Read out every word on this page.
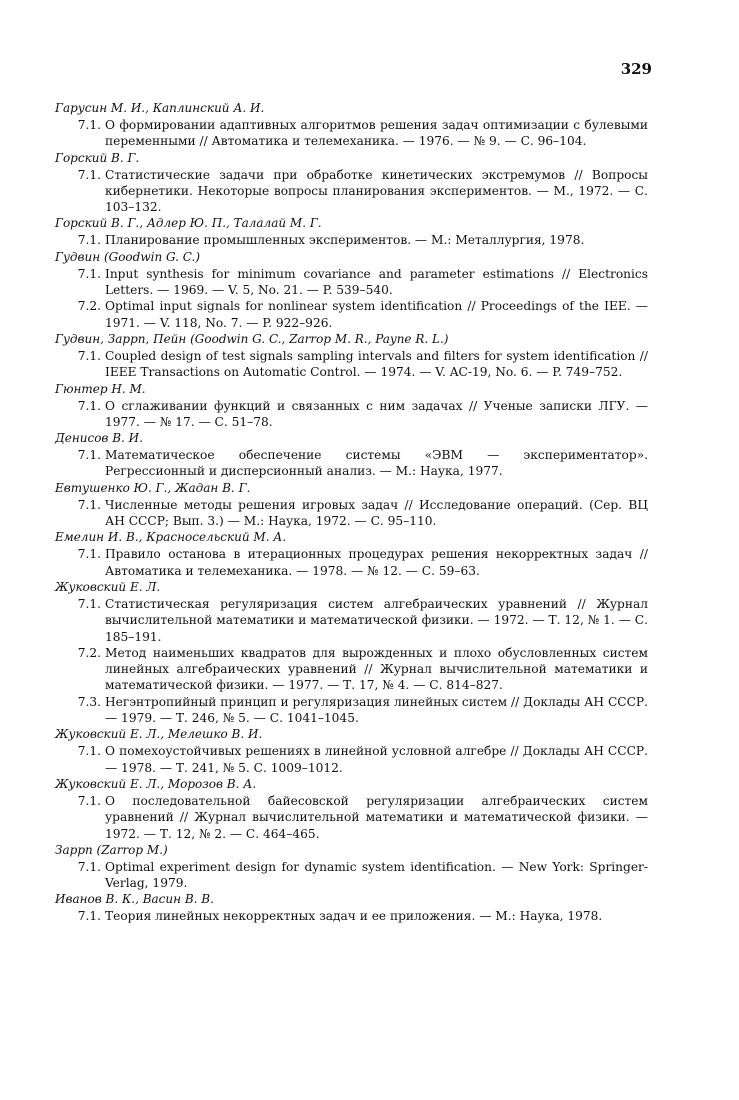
329
Гарусин М. И., Каплинский А. И.
7.1. О формировании адаптивных алгоритмов решения задач оптимизации с булевыми переменными // Автоматика и телемеханика. — 1976. — № 9. — С. 96–104.
Горский В. Г.
7.1. Статистические задачи при обработке кинетических экстремумов // Вопросы кибернетики. Некоторые вопросы планирования экспериментов. — М., 1972. — С. 103–132.
Горский В. Г., Адлер Ю. П., Талалай М. Г.
7.1. Планирование промышленных экспериментов. — М.: Металлургия, 1978.
Гудвин (Goodwin G. C.)
7.1. Input synthesis for minimum covariance and parameter estimations // Electronics Letters. — 1969. — V. 5, No. 21. — P. 539–540.
7.2. Optimal input signals for nonlinear system identification // Proceedings of the IEE. — 1971. — V. 118, No. 7. — P. 922–926.
Гудвин, Заррп, Пейн (Goodwin G. C., Zarrop M. R., Payne R. L.)
7.1. Coupled design of test signals sampling intervals and filters for system identification // IEEE Transactions on Automatic Control. — 1974. — V. AC-19, No. 6. — P. 749–752.
Гюнтер Н. М.
7.1. О сглаживании функций и связанных с ним задачах // Ученые записки ЛГУ. — 1977. — № 17. — С. 51–78.
Денисов В. И.
7.1. Математическое обеспечение системы «ЭВМ — экспериментатор». Регрессионный и дисперсионный анализ. — М.: Наука, 1977.
Евтушенко Ю. Г., Жадан В. Г.
7.1. Численные методы решения игровых задач // Исследование операций. (Сер. ВЦ АН СССР; Вып. 3.) — М.: Наука, 1972. — С. 95–110.
Емелин И. В., Красносельский М. А.
7.1. Правило останова в итерационных процедурах решения некорректных задач // Автоматика и телемеханика. — 1978. — № 12. — С. 59–63.
Жуковский Е. Л.
7.1. Статистическая регуляризация систем алгебраических уравнений // Журнал вычислительной математики и математической физики. — 1972. — Т. 12, № 1. — С. 185–191.
7.2. Метод наименьших квадратов для вырожденных и плохо обусловленных систем линейных алгебраических уравнений // Журнал вычислительной математики и математической физики. — 1977. — Т. 17, № 4. — С. 814–827.
7.3. Негэнтропийный принцип и регуляризация линейных систем // Доклады АН СССР. — 1979. — Т. 246, № 5. — С. 1041–1045.
Жуковский Е. Л., Мелешко В. И.
7.1. О помехоустойчивых решениях в линейной условной алгебре // Доклады АН СССР. — 1978. — Т. 241, № 5. С. 1009–1012.
Жуковский Е. Л., Морозов В. А.
7.1. О последовательной байесовской регуляризации алгебраических систем уравнений // Журнал вычислительной математики и математической физики. — 1972. — Т. 12, № 2. — С. 464–465.
Заррп (Zarrop M.)
7.1. Optimal experiment design for dynamic system identification. — New York: Springer-Verlag, 1979.
Иванов В. К., Васин В. В.
7.1. Теория линейных некорректных задач и ее приложения. — М.: Наука, 1978.
